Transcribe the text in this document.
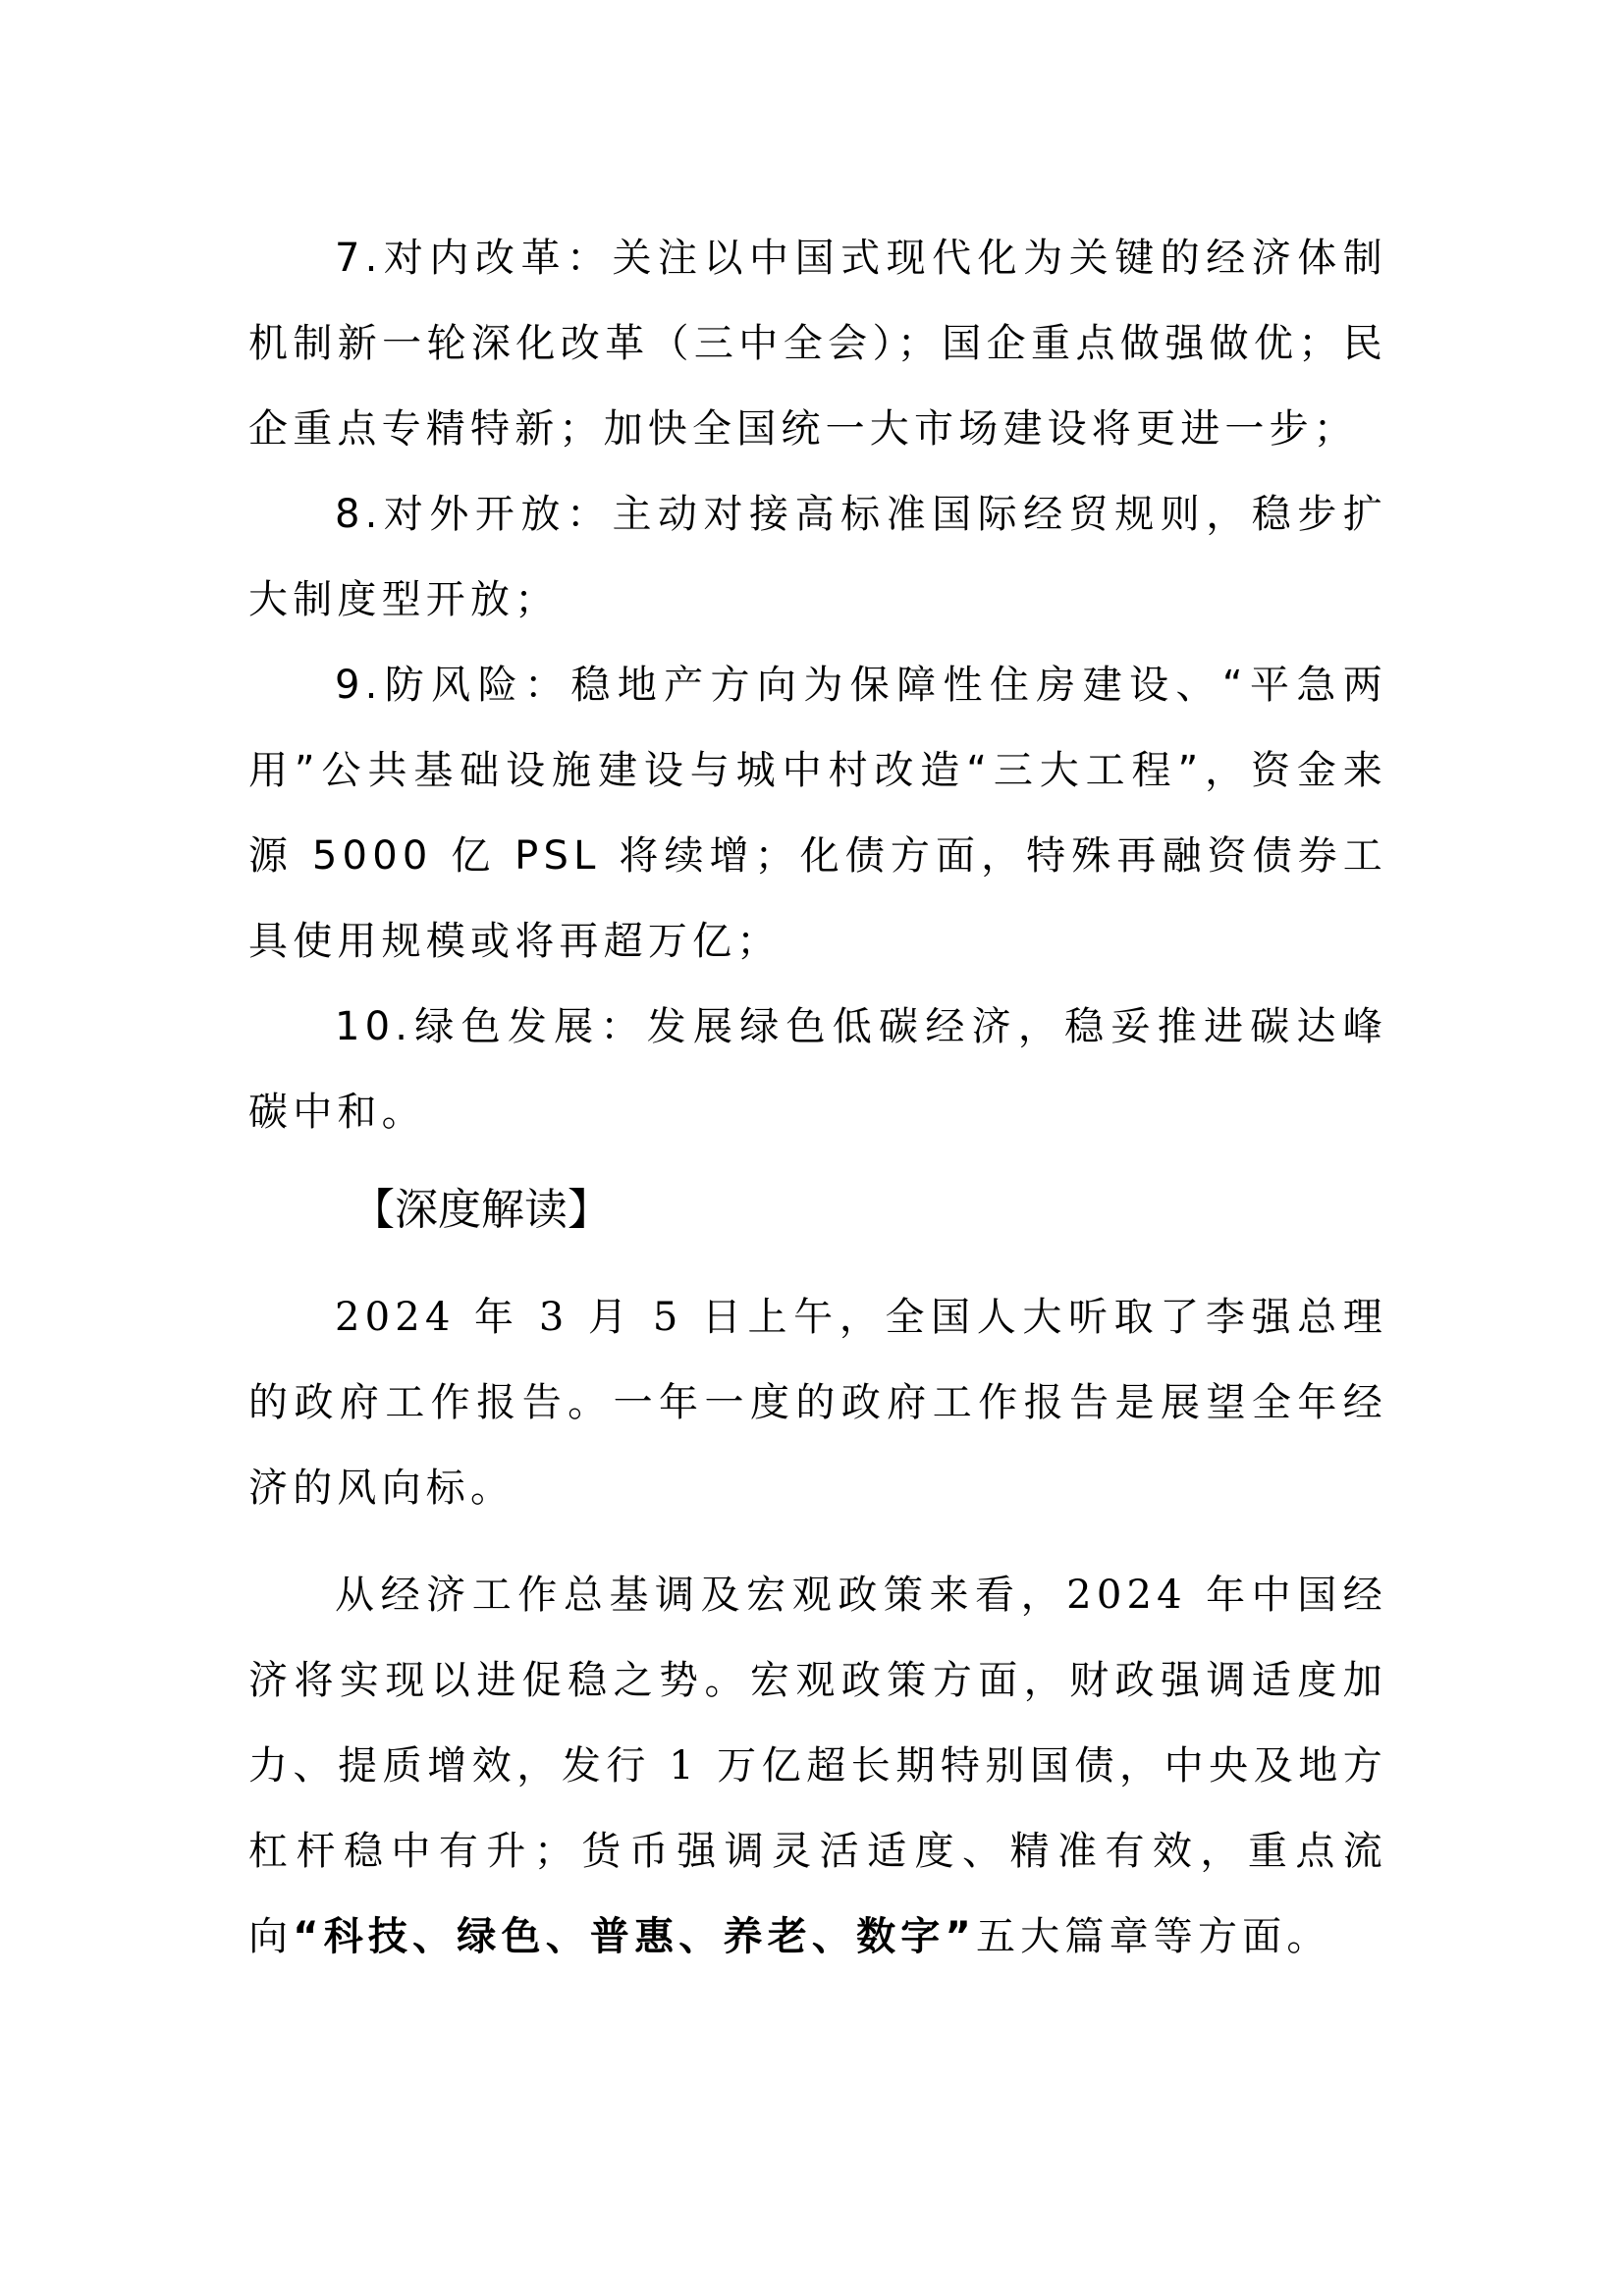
7.对内改革：关注以中国式现代化为关键的经济体制机制新一轮深化改革（三中全会）；国企重点做强做优；民企重点专精特新；加快全国统一大市场建设将更进一步；

8.对外开放：主动对接高标准国际经贸规则，稳步扩大制度型开放；

9.防风险：稳地产方向为保障性住房建设、“平急两用”公共基础设施建设与城中村改造“三大工程”，资金来源 5000 亿 PSL 将续增；化债方面，特殊再融资债券工具使用规模或将再超万亿；

10.绿色发展：发展绿色低碳经济，稳妥推进碳达峰碳中和。

【深度解读】

2024 年 3 月 5 日上午，全国人大听取了李强总理的政府工作报告。一年一度的政府工作报告是展望全年经济的风向标。

从经济工作总基调及宏观政策来看，2024 年中国经济将实现以进促稳之势。宏观政策方面，财政强调适度加力、提质增效，发行 1 万亿超长期特别国债，中央及地方杠杆稳中有升；货币强调灵活适度、精准有效，重点流向“科技、绿色、普惠、养老、数字”五大篇章等方面。
